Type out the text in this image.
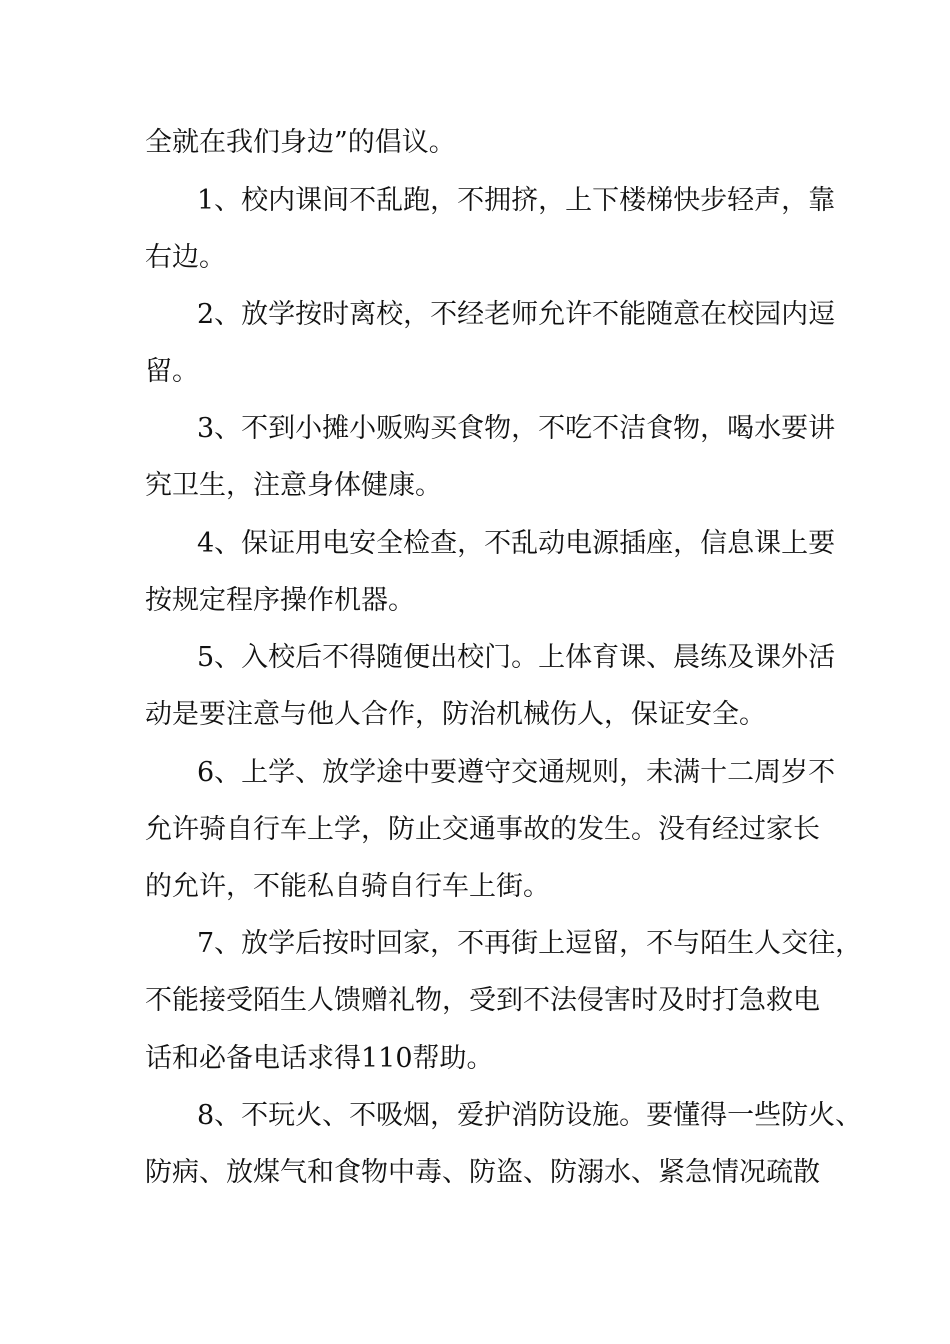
全就在我们身边”的倡议。
1、校内课间不乱跑，不拥挤，上下楼梯快步轻声，靠
右边。
2、放学按时离校，不经老师允许不能随意在校园内逗
留。
3、不到小摊小贩购买食物，不吃不洁食物，喝水要讲
究卫生，注意身体健康。
4、保证用电安全检查，不乱动电源插座，信息课上要
按规定程序操作机器。
5、入校后不得随便出校门。上体育课、晨练及课外活
动是要注意与他人合作，防治机械伤人，保证安全。
6、上学、放学途中要遵守交通规则，未满十二周岁不
允许骑自行车上学，防止交通事故的发生。没有经过家长
的允许，不能私自骑自行车上街。
7、放学后按时回家，不再街上逗留，不与陌生人交往，
不能接受陌生人馈赠礼物，受到不法侵害时及时打急救电
话和必备电话求得110帮助。
8、不玩火、不吸烟，爱护消防设施。要懂得一些防火、
防病、放煤气和食物中毒、防盗、防溺水、紧急情况疏散
